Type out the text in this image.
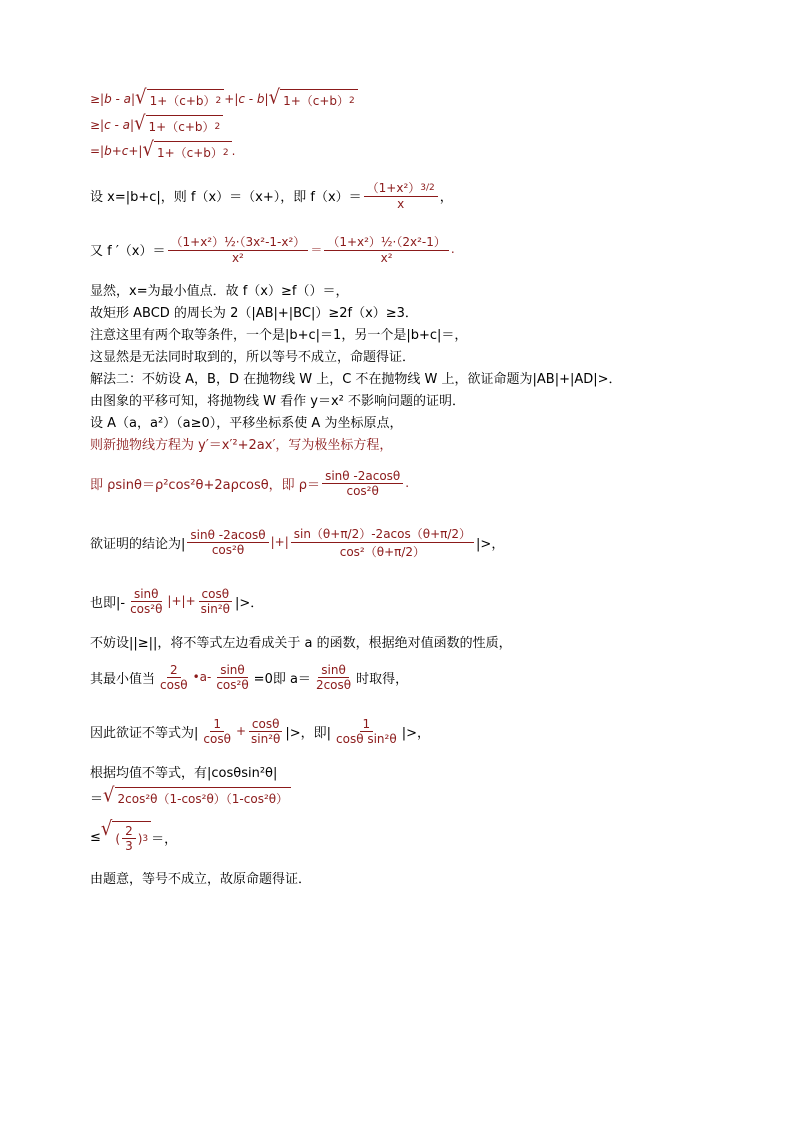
≥|b - a| √ 1+（c+b） 2 +|c - b| √ 1+（c+b） 2
≥|c - a| √ 1+（c+b） 2
=|b+c+| √ 1+（c+b） 2 .
设 x=|b+c|，则 f（x）＝（x+），即 $f(x)= \frac{\text{（1+x²） 3/2}}{x}$ ，
又 f $'(x)= \frac{\text{（1+x²）½·（3x²-1-x²）}}{\text{x²}} = \frac{\text{（1+x²）½·（2x²-1）}}{\text{x²}}$ .
显然，x=为最小值点．故 f（x）≥f（）＝，
故矩形 ABCD 的周长为 2（|AB|+|BC|）≥2f（x）≥3．
注意这里有两个取等条件，一个是|b+c|＝1，另一个是|b+c|＝，
这显然是无法同时取到的，所以等号不成立，命题得证．
解法二：不妨设 A，B，D 在抛物线 W 上，C 不在抛物线 W 上，欲证命题为|AB|+|AD|>．
由图象的平移可知，将抛物线 W 看作 y＝x² 不影响问题的证明．
设 A（a，a²）（a≥0），平移坐标系使 A 为坐标原点，
则新抛物线方程为 y′＝x′²+2ax′，写为极坐标方程，
即 ρsinθ＝ρ²cos²θ+2aρcosθ，即 $\rho= \frac{\sin\theta -2acos\theta}{\text{cos²θ}}$ .
欲证明的结论为| $\frac{\sin\theta -2acos\theta}{\text{cos²θ}}$ |+| $\frac{\sin(\theta+\pi/2)-2acos(\theta+\pi/2)}{\text{cos²（θ+π/2）}}$ |>，
也即|- $\frac{\sin\theta}{\text{cos²θ}}$ |+|+ $\frac{\cos\theta}{\text{sin²θ}}$ |>．
不妨设||≥||，将不等式左边看成关于 a 的函数，根据绝对值函数的性质，
其最小值当 $\frac{2}{\cos\theta}$ •a- $\frac{\sin\theta}{\text{cos²θ}} =0$即 $a= \frac{\sin\theta}{2\cos\theta}$ 时取得，
因此欲证不等式为| $\frac{1}{\cos\theta} + \frac{\cos\theta}{\text{sin²θ}}$ |>，即| $\frac{1}{\text{cosθ sin²θ}}$ |>，
根据均值不等式，有|cosθsin²θ|
＝ √ 2cos²θ（1-cos²θ）（1-cos²θ）
≤ √ ( $\frac{2}{3}$ ) 3 ＝，
由题意，等号不成立，故原命题得证．
